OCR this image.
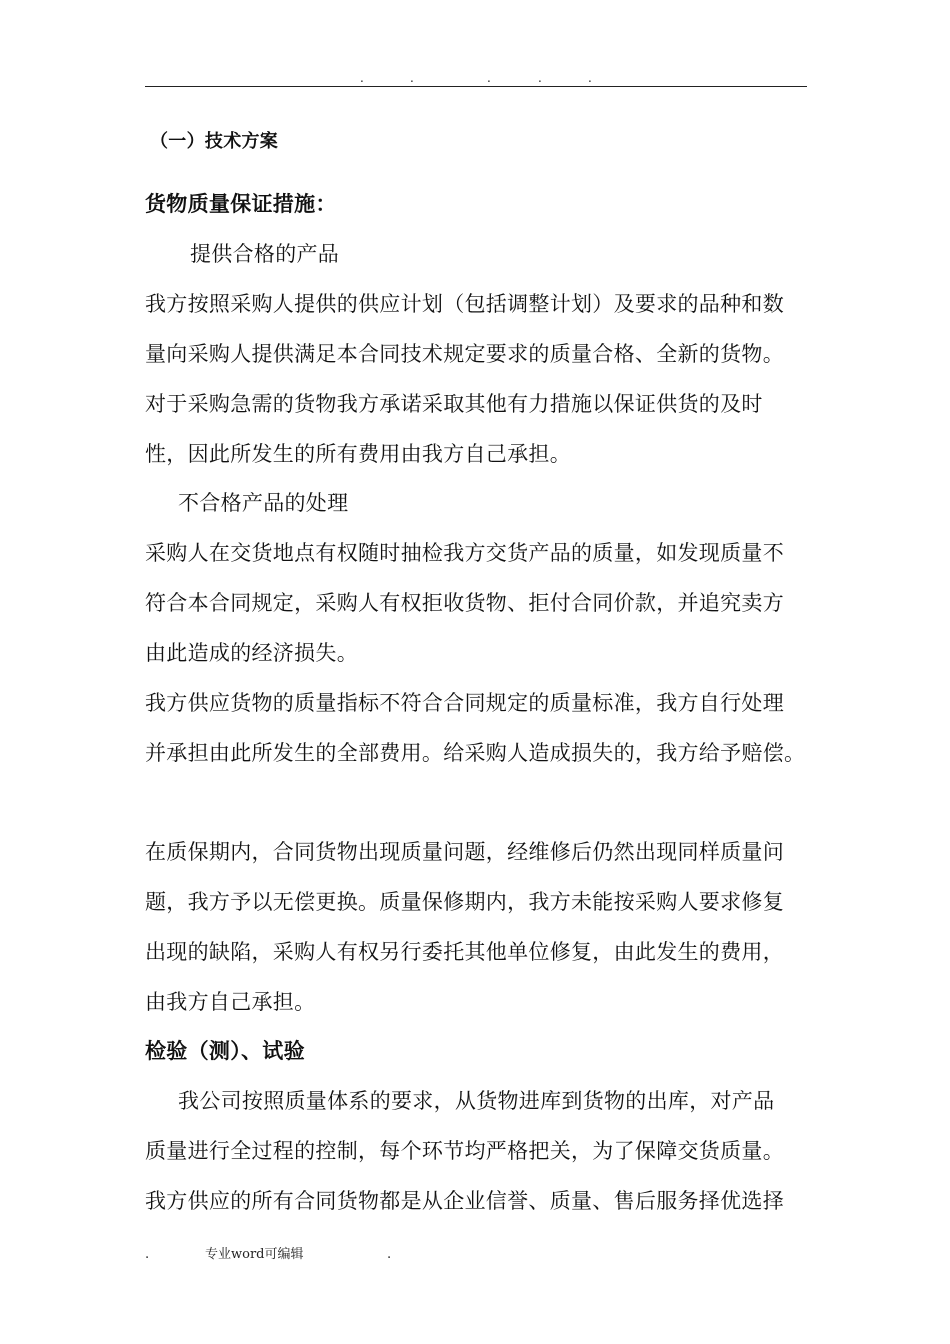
.	.	.	.	.
（一）技术方案
货物质量保证措施：
提供合格的产品
我方按照采购人提供的供应计划（包括调整计划）及要求的品种和数
量向采购人提供满足本合同技术规定要求的质量合格、全新的货物。
对于采购急需的货物我方承诺采取其他有力措施以保证供货的及时
性，因此所发生的所有费用由我方自己承担。
不合格产品的处理
采购人在交货地点有权随时抽检我方交货产品的质量，如发现质量不
符合本合同规定，采购人有权拒收货物、拒付合同价款，并追究卖方
由此造成的经济损失。
我方供应货物的质量指标不符合合同规定的质量标准，我方自行处理
并承担由此所发生的全部费用。给采购人造成损失的，我方给予赔偿。
在质保期内，合同货物出现质量问题，经维修后仍然出现同样质量问
题，我方予以无偿更换。质量保修期内，我方未能按采购人要求修复
出现的缺陷，采购人有权另行委托其他单位修复，由此发生的费用，
由我方自己承担。
检验（测）、试验
我公司按照质量体系的要求，从货物进库到货物的出库，对产品
质量进行全过程的控制，每个环节均严格把关，为了保障交货质量。
我方供应的所有合同货物都是从企业信誉、质量、售后服务择优选择
.	专业word可编辑	.
